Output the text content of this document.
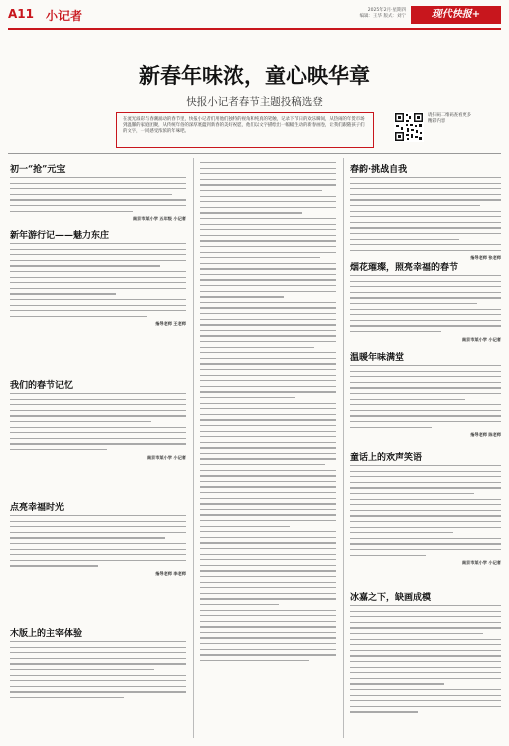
A11 小记者	2025年2月·星期四
编辑：王华 版式：刘宁	现代快报+
新春年味浓，童心映华章
快报小记者春节主题投稿选登
在流光溢彩与春潮涌动的春节里，快报小记者们用他们独特的视角和纯真的笔触，记录下节日的欢乐瞬间，从热闹的年货市场到温馨的家庭团聚，从传统年俗的深厚底蕴到新春的美好祝愿，他们以文字描绘出一幅幅生动的新春画卷，让我们跟随孩子们的文字，一同感受浓浓的年味吧。
请扫码二维码查看更多精彩内容
初一“抢”元宝
南京市某小学 五年级 小记者
新年游行记——魅力东庄
指导老师 王老师
我们的春节记忆
南京市某小学 小记者
点亮幸福时光
指导老师 李老师
木版上的主宰体验
春韵·挑战自我
指导老师 张老师
烟花璀璨，照亮幸福的春节
南京市某小学 小记者
温暖年味满堂
指导老师 陈老师
童话上的欢声笑语
南京市某小学 小记者
冰嘉之下，缺画成模
